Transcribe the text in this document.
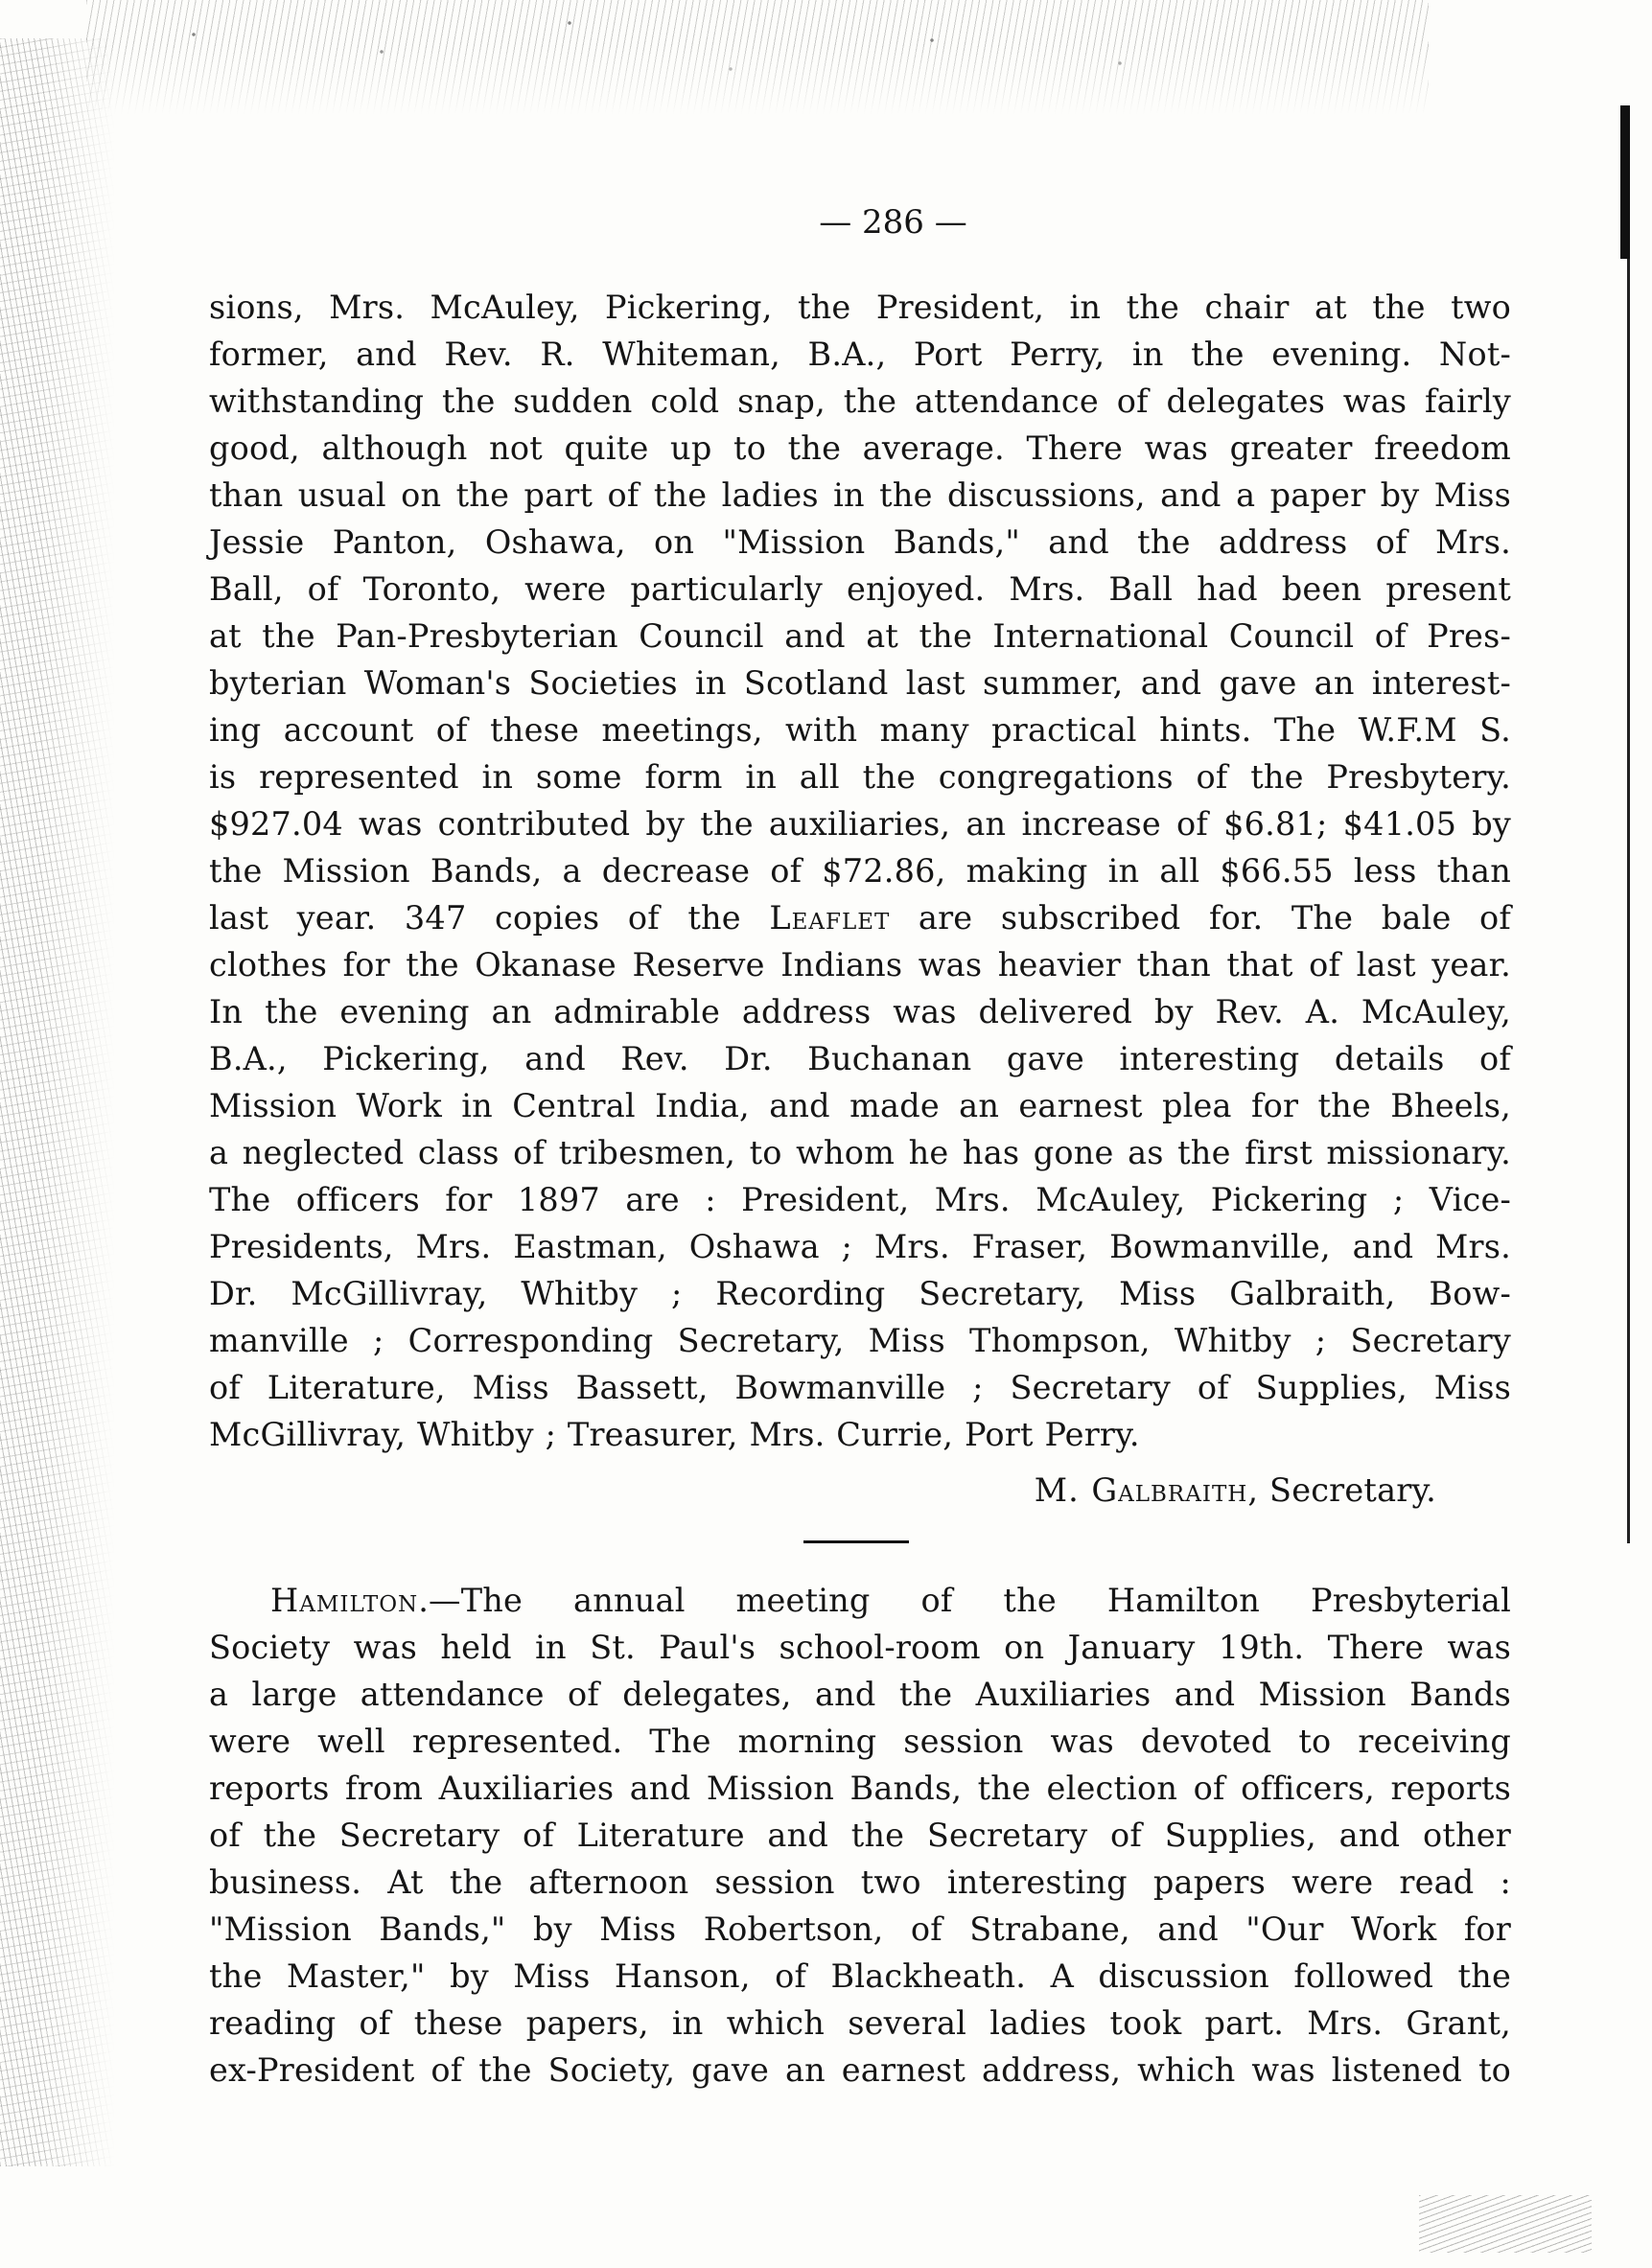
— 286 —
sions, Mrs. McAuley, Pickering, the President, in the chair at the two
former, and Rev. R. Whiteman, B.A., Port Perry, in the evening. Not-
withstanding the sudden cold snap, the attendance of delegates was fairly
good, although not quite up to the average. There was greater freedom
than usual on the part of the ladies in the discussions, and a paper by Miss
Jessie Panton, Oshawa, on "Mission Bands," and the address of Mrs.
Ball, of Toronto, were particularly enjoyed. Mrs. Ball had been present
at the Pan-Presbyterian Council and at the International Council of Pres-
byterian Woman's Societies in Scotland last summer, and gave an interest-
ing account of these meetings, with many practical hints. The W.F.M S.
is represented in some form in all the congregations of the Presbytery.
$927.04 was contributed by the auxiliaries, an increase of $6.81; $41.05 by
the Mission Bands, a decrease of $72.86, making in all $66.55 less than
last year. 347 copies of the Leaflet are subscribed for. The bale of
clothes for the Okanase Reserve Indians was heavier than that of last year.
In the evening an admirable address was delivered by Rev. A. McAuley,
B.A., Pickering, and Rev. Dr. Buchanan gave interesting details of
Mission Work in Central India, and made an earnest plea for the Bheels,
a neglected class of tribesmen, to whom he has gone as the first missionary.
The officers for 1897 are : President, Mrs. McAuley, Pickering ; Vice-
Presidents, Mrs. Eastman, Oshawa ; Mrs. Fraser, Bowmanville, and Mrs.
Dr. McGillivray, Whitby ; Recording Secretary, Miss Galbraith, Bow-
manville ; Corresponding Secretary, Miss Thompson, Whitby ; Secretary
of Literature, Miss Bassett, Bowmanville ; Secretary of Supplies, Miss
McGillivray, Whitby ; Treasurer, Mrs. Currie, Port Perry.
M. Galbraith, Secretary.
Hamilton.—The annual meeting of the Hamilton Presbyterial
Society was held in St. Paul's school-room on January 19th. There was
a large attendance of delegates, and the Auxiliaries and Mission Bands
were well represented. The morning session was devoted to receiving
reports from Auxiliaries and Mission Bands, the election of officers, reports
of the Secretary of Literature and the Secretary of Supplies, and other
business. At the afternoon session two interesting papers were read :
"Mission Bands," by Miss Robertson, of Strabane, and "Our Work for
the Master," by Miss Hanson, of Blackheath. A discussion followed the
reading of these papers, in which several ladies took part. Mrs. Grant,
ex-President of the Society, gave an earnest address, which was listened to
